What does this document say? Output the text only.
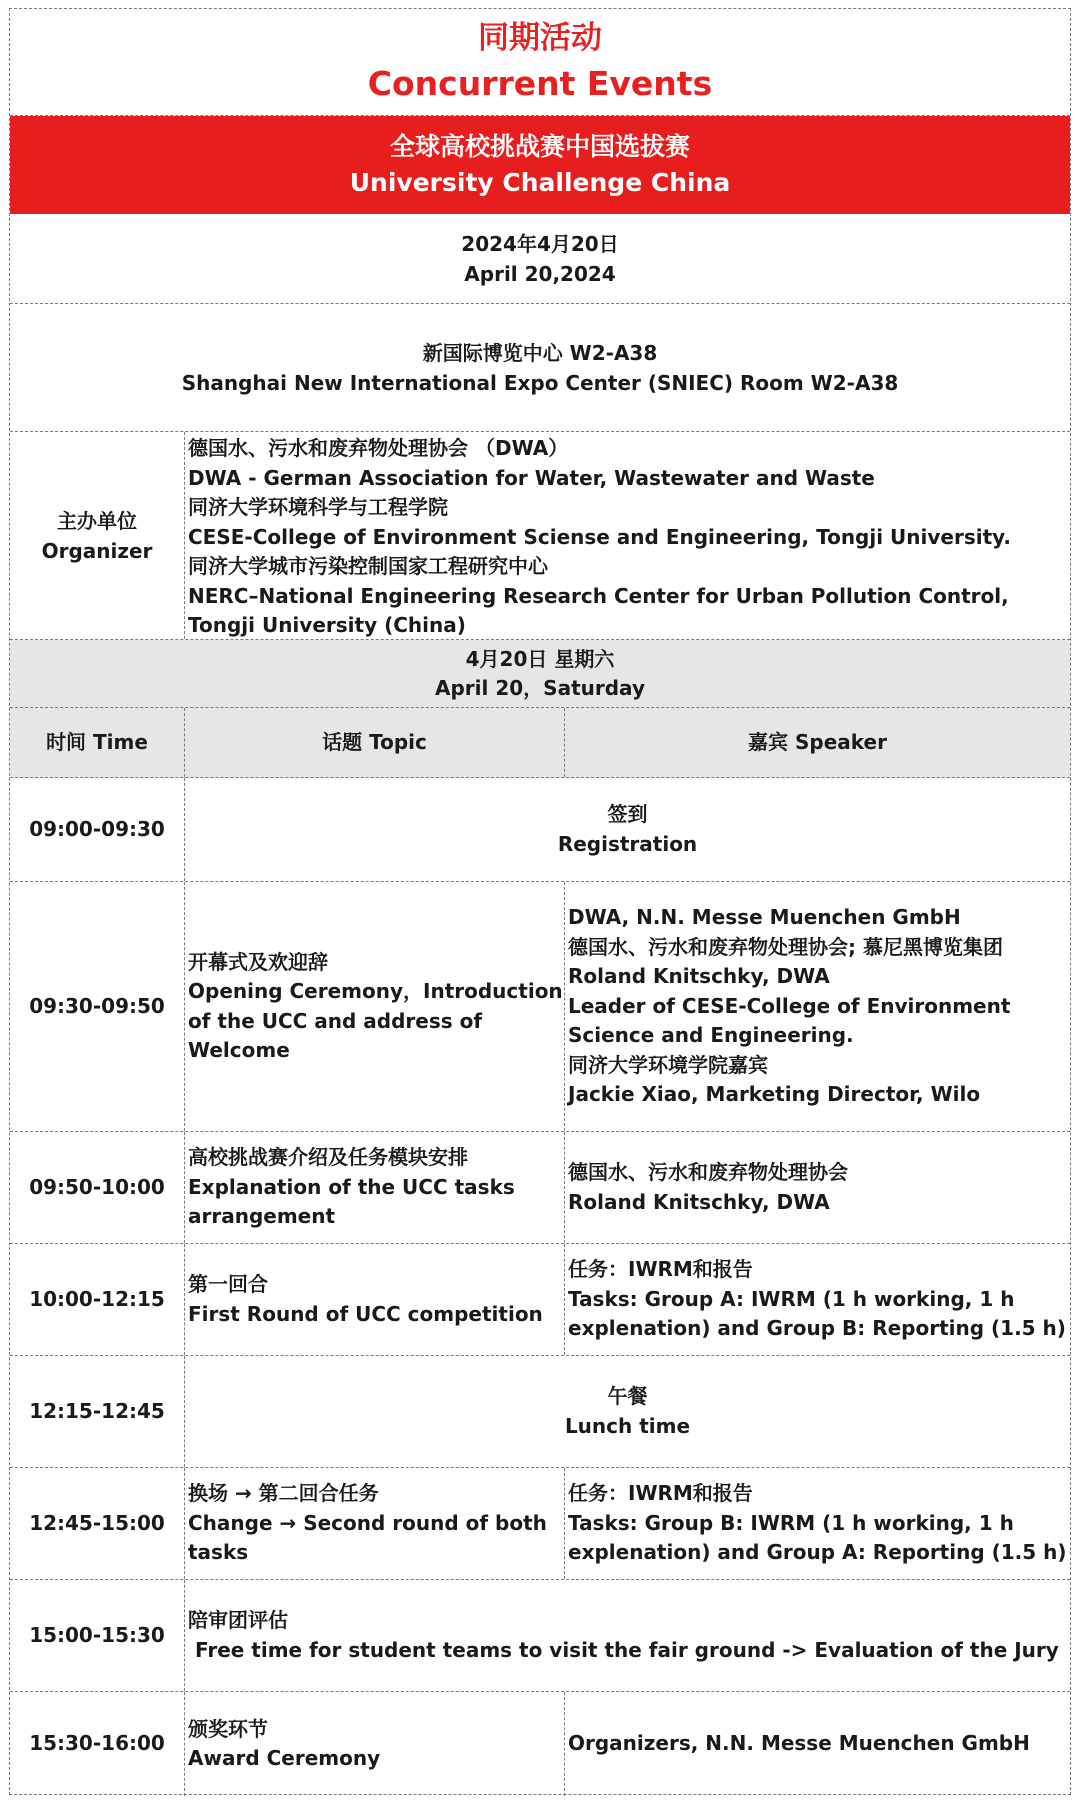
同期活动
Concurrent Events
全球高校挑战赛中国选拔赛
University Challenge China
2024年4月20日
April 20,2024
新国际博览中心 W2-A38
Shanghai New International Expo Center (SNIEC) Room W2-A38
主办单位
Organizer
德国水、污水和废弃物处理协会 （DWA）
DWA - German Association for Water, Wastewater and Waste
同济大学环境科学与工程学院
CESE-College of Environment Sciense and Engineering, Tongji University.
同济大学城市污染控制国家工程研究中心
NERC–National Engineering Research Center for Urban Pollution Control, Tongji University (China)
4月20日 星期六
April 20，Saturday
时间 Time	话题 Topic	嘉宾 Speaker
09:00-09:30
签到
Registration
09:30-09:50
开幕式及欢迎辞
Opening Ceremony，Introduction of the UCC and address of Welcome
DWA, N.N. Messe Muenchen GmbH
德国水、污水和废弃物处理协会; 慕尼黑博览集团
Roland Knitschky, DWA
Leader of CESE-College of Environment Science and Engineering.
同济大学环境学院嘉宾
Jackie Xiao, Marketing Director, Wilo
09:50-10:00
高校挑战赛介绍及任务模块安排
Explanation of the UCC tasks arrangement
德国水、污水和废弃物处理协会
Roland Knitschky, DWA
10:00-12:15
第一回合
First Round of UCC competition
任务：IWRM和报告
Tasks: Group A: IWRM (1 h working, 1 h explenation) and Group B: Reporting (1.5 h)
12:15-12:45
午餐
Lunch time
12:45-15:00
换场 → 第二回合任务
Change → Second round of both tasks
任务：IWRM和报告
Tasks: Group B: IWRM (1 h working, 1 h explenation) and Group A: Reporting (1.5 h)
15:00-15:30
陪审团评估
Free time for student teams to visit the fair ground -> Evaluation of the Jury
15:30-16:00
颁奖环节
Award Ceremony
Organizers, N.N. Messe Muenchen GmbH
